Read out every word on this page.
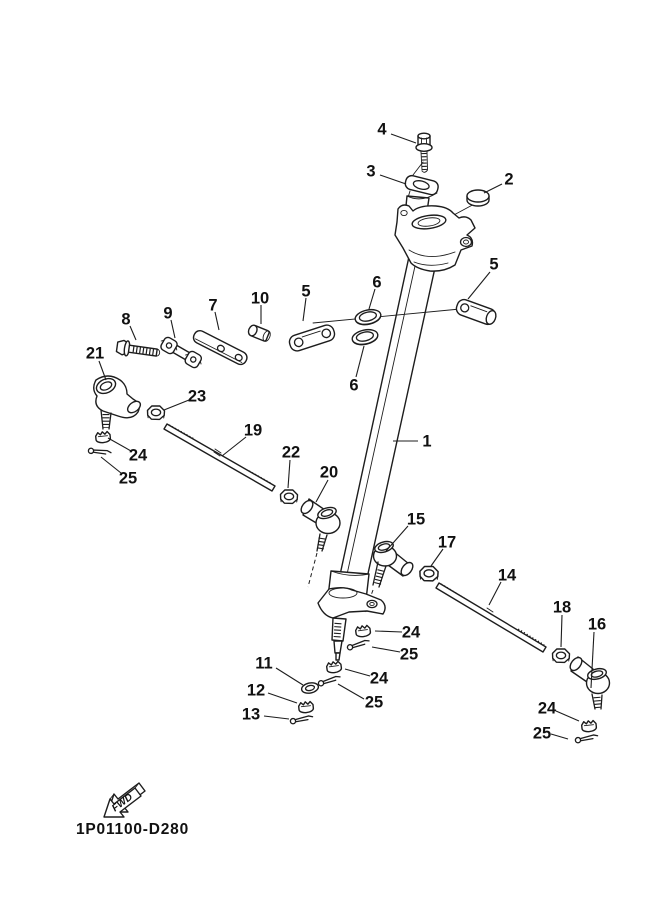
FWD
1P01100-D280
1
2
3
4
5
5
6
6
7
8 9
10
11
12
13
14
15
16
17
18
19
20
21
22
23
24
24
24
24
25
25
25
25
